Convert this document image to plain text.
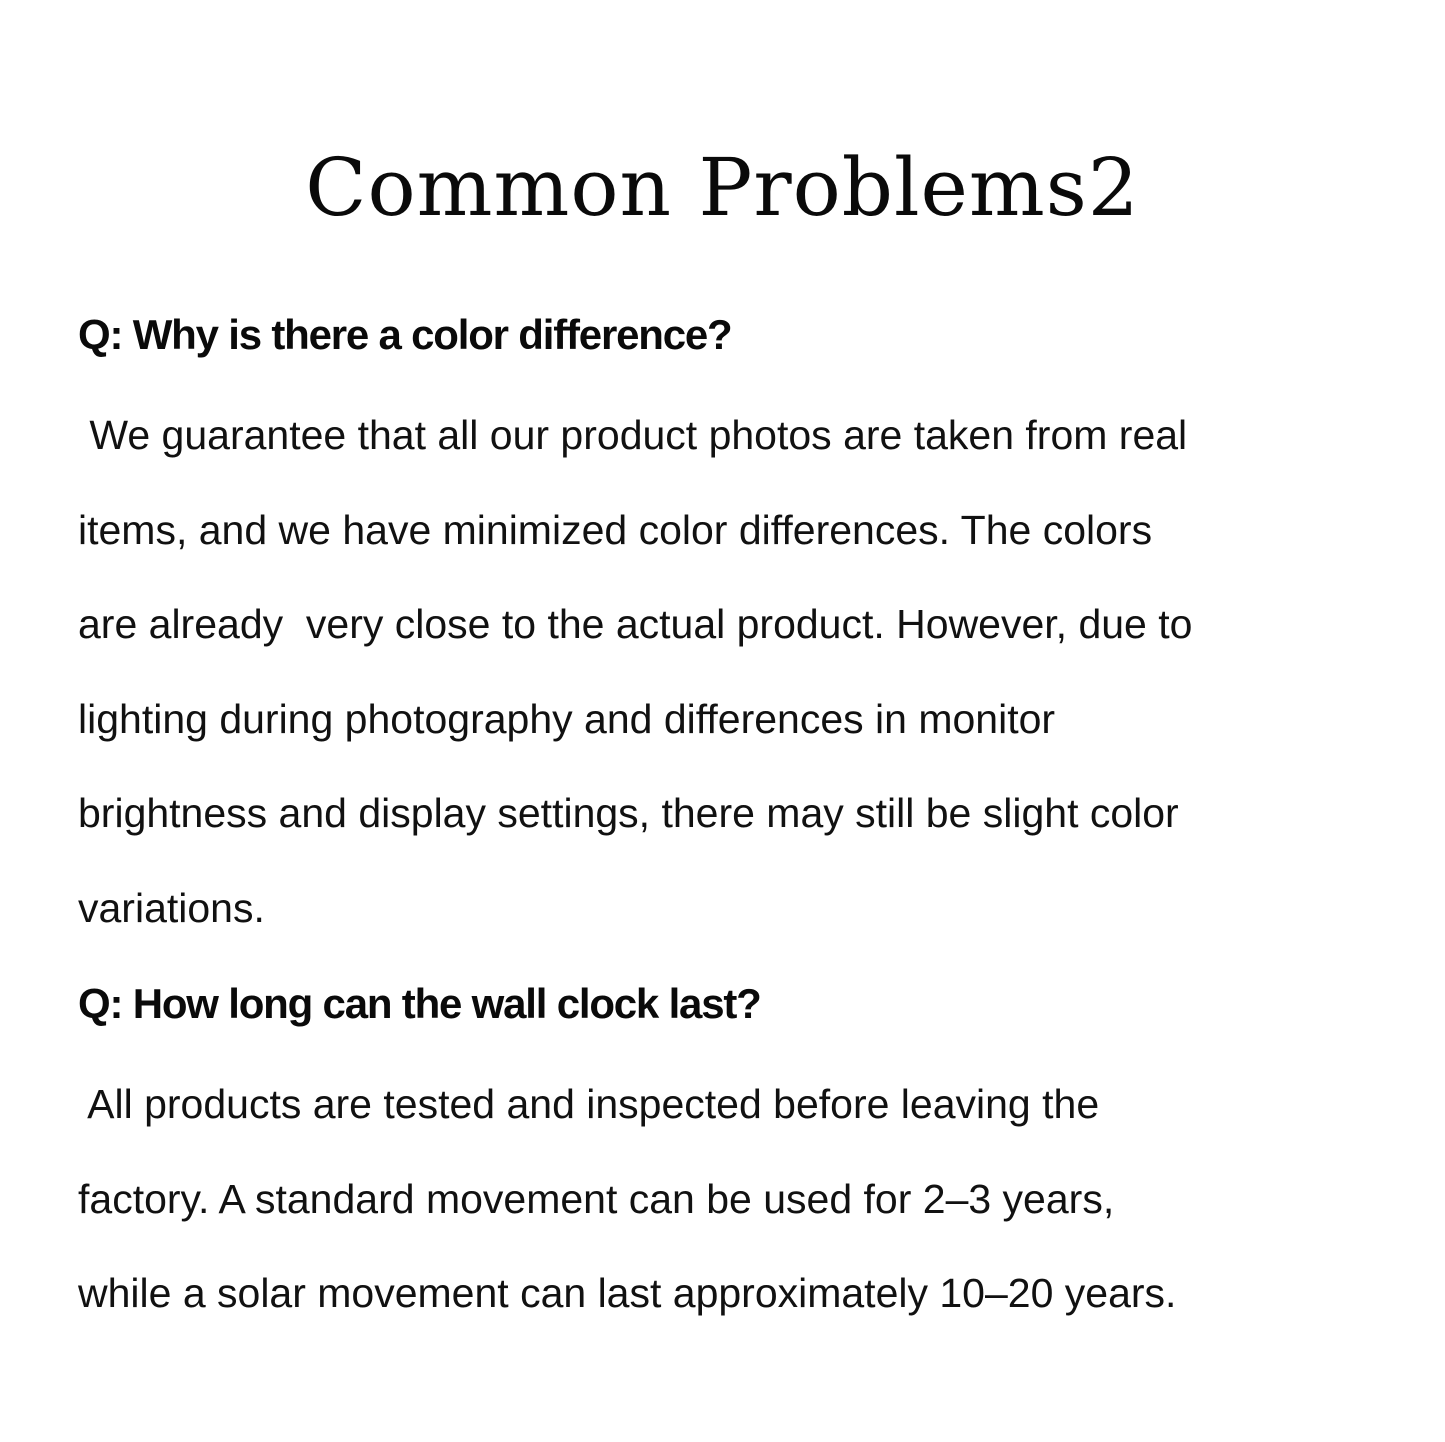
Common Problems2

Q: Why is there a color difference?

We guarantee that all our product photos are taken from real
items, and we have minimized color differences. The colors
are already  very close to the actual product. However, due to
lighting during photography and differences in monitor
brightness and display settings, there may still be slight color
variations.

Q: How long can the wall clock last?

All products are tested and inspected before leaving the
factory. A standard movement can be used for 2–3 years,
while a solar movement can last approximately 10–20 years.
